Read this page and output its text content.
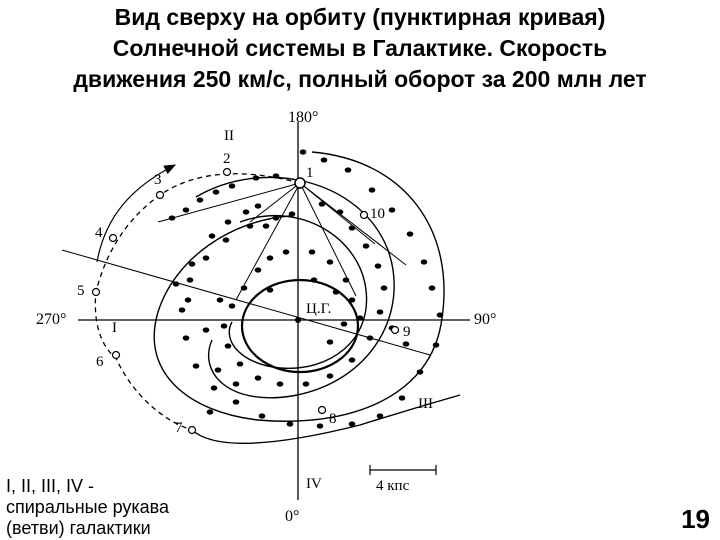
Вид сверху на орбиту (пунктирная кривая)
Солнечной системы в Галактике. Скорость
движения 250 км/с, полный оборот за 200 млн лет
180°
90°
270°
0°
Ц.Г.
II
I
III
IV
1
2
3
4
5
6
7
8
9
10
4 кпс
I, II, III, IV -
спиральные рукава
(ветви) галактики	19
